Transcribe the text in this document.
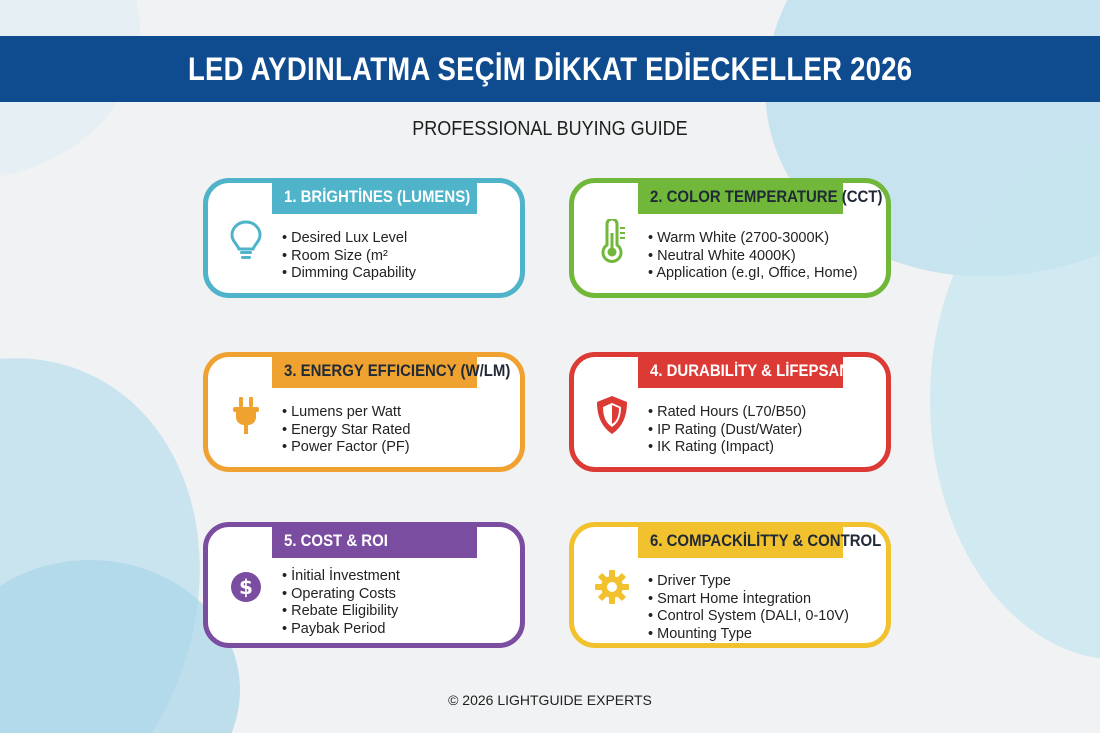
LED AYDINLATMA SEÇİM DİKKAT EDİECKELLER 2026
PROFESSIONAL BUYING GUIDE
1. BRİGHTİNES (LUMENS)
• Desired Lux Level
• Room Size (m²
• Dimming Capability
2. COLOR TEMPERATURE (CCT)
• Warm White (2700-3000K)
• Neutral White 4000K)
• Application (e.gI, Office, Home)
3. ENERGY EFFICIENCY (W/LM)
• Lumens per Watt
• Energy Star Rated
• Power Factor (PF)
4. DURABILİTY & LİFEPSAN
• Rated Hours (L70/B50)
• IP Rating (Dust/Water)
• IK Rating (Impact)
5. COST & ROI
$
•	İnitial İnvestment
• Operating Costs
• Rebate Eligibility
• Paybak Period
6. COMPACKİLİTTY & CONTROL
• Driver Type
• Smart Home İntegration
• Control System (DALI, 0-10V)
• Mounting Type
© 2026 LIGHTGUIDE EXPERTS
